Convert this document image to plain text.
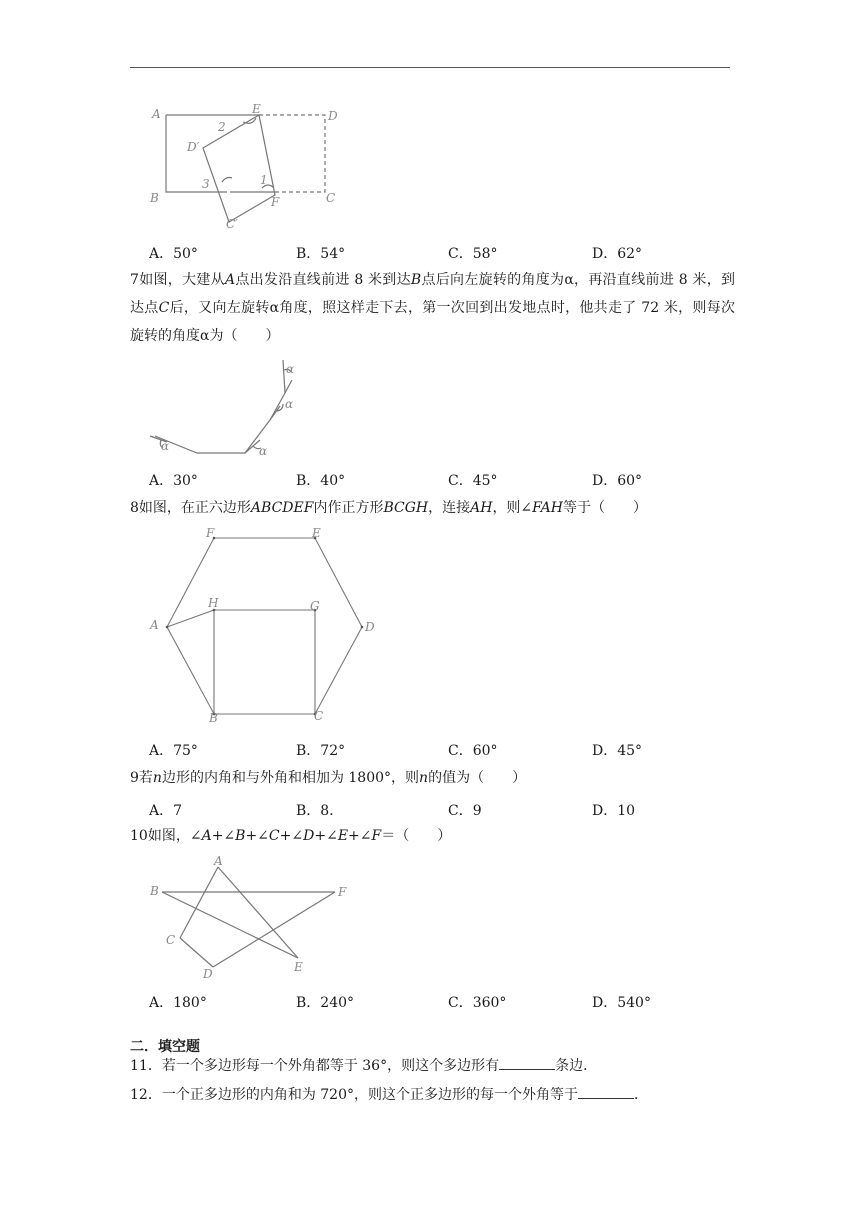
A	E	D
2
D′
3	1
B
C′
F	C
A．50°	B．54°	C．58°	D．62°
7如图，大建从A点出发沿直线前进 8 米到达B点后向左旋转的角度为α，再沿直线前进 8 米，到达点C后，又向左旋转α角度，照这样走下去，第一次回到出发地点时，他共走了 72 米，则每次旋转的角度α为（　　）
α	α
α
α
A．30°	B．40°	C．45°	D．60°
8如图，在正六边形ABCDEF内作正方形BCGH，连接AH，则∠FAH等于（　　）
F	E
A
H	G
D
B	C
A．75°	B．72°	C．60°	D．45°
9若n边形的内角和与外角和相加为 1800°，则n的值为（　　）
A．7	B．8．	C．9	D．10
10如图，∠A+∠B+∠C+∠D+∠E+∠F＝（　　）
A
B	F
C
D	E
A．180°	B．240°	C．360°	D．540°
二．填空题
11．若一个多边形每一个外角都等于 36°，则这个多边形有	条边．
12．一个正多边形的内角和为 720°，则这个正多边形的每一个外角等于	．
